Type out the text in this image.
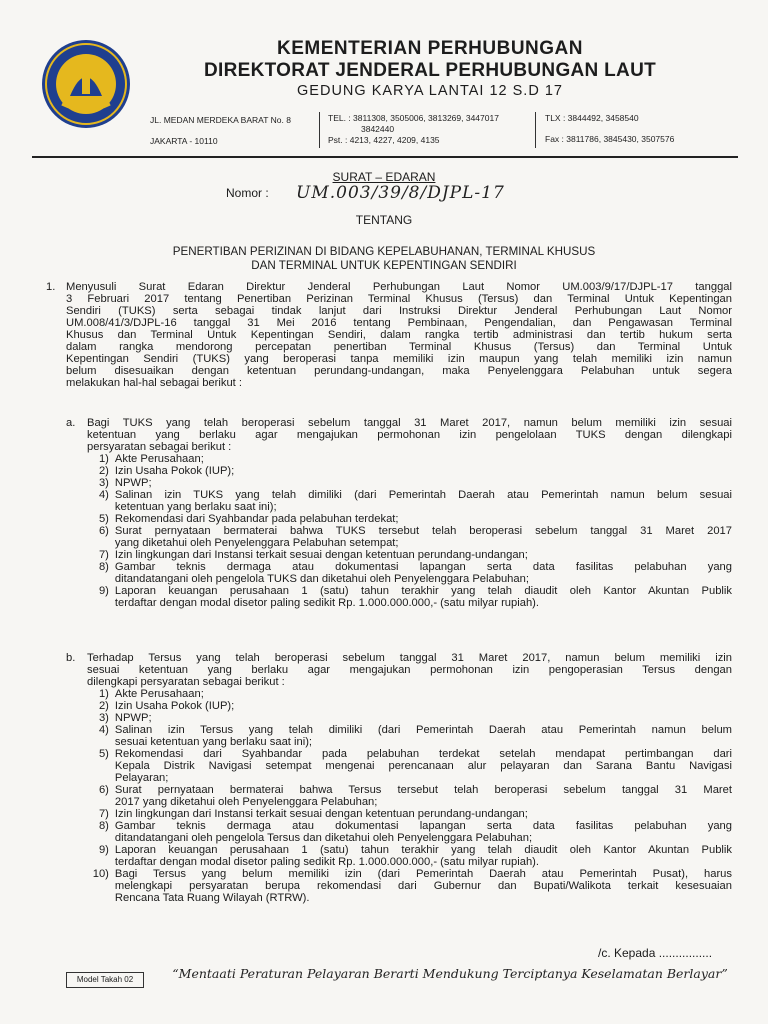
KEMENTERIAN PERHUBUNGAN
DIREKTORAT JENDERAL PERHUBUNGAN LAUT
GEDUNG KARYA LANTAI 12 S.D 17
JL. MEDAN MERDEKA BARAT No. 8
JAKARTA - 10110
TEL. : 3811308, 3505006, 3813269, 3447017
3842440
Pst. : 4213, 4227, 4209, 4135
TLX : 3844492, 3458540
Fax : 3811786, 3845430, 3507576
SURAT – EDARAN
Nomor : UM.003/39/8/DJPL-17
TENTANG
PENERTIBAN PERIZINAN DI BIDANG KEPELABUHANAN, TERMINAL KHUSUS
DAN TERMINAL UNTUK KEPENTINGAN SENDIRI
1. Menyusuli Surat Edaran Direktur Jenderal Perhubungan Laut Nomor UM.003/9/17/DJPL-17 tanggal
3 Februari 2017 tentang Penertiban Perizinan Terminal Khusus (Tersus) dan Terminal Untuk Kepentingan
Sendiri (TUKS) serta sebagai tindak lanjut dari Instruksi Direktur Jenderal Perhubungan Laut Nomor
UM.008/41/3/DJPL-16 tanggal 31 Mei 2016 tentang Pembinaan, Pengendalian, dan Pengawasan Terminal
Khusus dan Terminal Untuk Kepentingan Sendiri, dalam rangka tertib administrasi dan tertib hukum serta
dalam rangka mendorong percepatan penertiban Terminal Khusus (Tersus) dan Terminal Untuk
Kepentingan Sendiri (TUKS) yang beroperasi tanpa memiliki izin maupun yang telah memiliki izin namun
belum disesuaikan dengan ketentuan perundang-undangan, maka Penyelenggara Pelabuhan untuk segera
melakukan hal-hal sebagai berikut :
a. Bagi TUKS yang telah beroperasi sebelum tanggal 31 Maret 2017, namun belum memiliki izin sesuai
ketentuan yang berlaku agar mengajukan permohonan izin pengelolaan TUKS dengan dilengkapi
persyaratan sebagai berikut :
1) Akte Perusahaan;
2) Izin Usaha Pokok (IUP);
3) NPWP;
4) Salinan izin TUKS yang telah dimiliki (dari Pemerintah Daerah atau Pemerintah namun belum sesuai
ketentuan yang berlaku saat ini);
5) Rekomendasi dari Syahbandar pada pelabuhan terdekat;
6) Surat pernyataan bermaterai bahwa TUKS tersebut telah beroperasi sebelum tanggal 31 Maret 2017
yang diketahui oleh Penyelenggara Pelabuhan setempat;
7) Izin lingkungan dari Instansi terkait sesuai dengan ketentuan perundang-undangan;
8) Gambar teknis dermaga atau dokumentasi lapangan serta data fasilitas pelabuhan yang
ditandatangani oleh pengelola TUKS dan diketahui oleh Penyelenggara Pelabuhan;
9) Laporan keuangan perusahaan 1 (satu) tahun terakhir yang telah diaudit oleh Kantor Akuntan Publik
terdaftar dengan modal disetor paling sedikit Rp. 1.000.000.000,- (satu milyar rupiah).
b. Terhadap Tersus yang telah beroperasi sebelum tanggal 31 Maret 2017, namun belum memiliki izin
sesuai ketentuan yang berlaku agar mengajukan permohonan izin pengoperasian Tersus dengan
dilengkapi persyaratan sebagai berikut :
1) Akte Perusahaan;
2) Izin Usaha Pokok (IUP);
3) NPWP;
4) Salinan izin Tersus yang telah dimiliki (dari Pemerintah Daerah atau Pemerintah namun belum
sesuai ketentuan yang berlaku saat ini);
5) Rekomendasi dari Syahbandar pada pelabuhan terdekat setelah mendapat pertimbangan dari
Kepala Distrik Navigasi setempat mengenai perencanaan alur pelayaran dan Sarana Bantu Navigasi
Pelayaran;
6) Surat pernyataan bermaterai bahwa Tersus tersebut telah beroperasi sebelum tanggal 31 Maret
2017 yang diketahui oleh Penyelenggara Pelabuhan;
7) Izin lingkungan dari Instansi terkait sesuai dengan ketentuan perundang-undangan;
8) Gambar teknis dermaga atau dokumentasi lapangan serta data fasilitas pelabuhan yang
ditandatangani oleh pengelola Tersus dan diketahui oleh Penyelenggara Pelabuhan;
9) Laporan keuangan perusahaan 1 (satu) tahun terakhir yang telah diaudit oleh Kantor Akuntan Publik
terdaftar dengan modal disetor paling sedikit Rp. 1.000.000.000,- (satu milyar rupiah).
10) Bagi Tersus yang belum memiliki izin (dari Pemerintah Daerah atau Pemerintah Pusat), harus
melengkapi persyaratan berupa rekomendasi dari Gubernur dan Bupati/Walikota terkait kesesuaian
Rencana Tata Ruang Wilayah (RTRW).
/c. Kepada ................
Model Takah 02	“Mentaati Peraturan Pelayaran Berarti Mendukung Terciptanya Keselamatan Berlayar”
